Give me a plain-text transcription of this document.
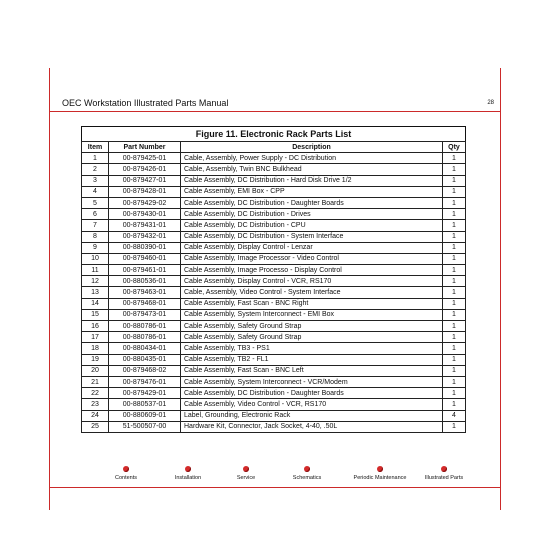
OEC Workstation Illustrated Parts Manual	28
Figure 11. Electronic Rack Parts List			
Item	Part Number	Description	Qty
1	00-879425-01	Cable, Assembly, Power Supply - DC Distribution	1
2	00-879426-01	Cable, Assembly, Twin BNC Bulkhead	1
3	00-879427-01	Cable Assembly, DC Distribution - Hard Disk Drive 1/2	1
4	00-879428-01	Cable Assembly, EMI Box - CPP	1
5	00-879429-02	Cable Assembly, DC Distribution - Daughter Boards	1
6	00-879430-01	Cable Assembly, DC Distribution - Drives	1
7	00-879431-01	Cable Assembly, DC Distribution - CPU	1
8	00-879432-01	Cable Assembly, DC Distribution - System Interface	1
9	00-880390-01	Cable Assembly, Display Control - Lenzar	1
10	00-879460-01	Cable Assembly, Image Processor - Video Control	1
11	00-879461-01	Cable Assembly, Image Processo - Display Control	1
12	00-880536-01	Cable Assembly, Display Control - VCR, RS170	1
13	00-879463-01	Cable, Assembly, Video Control - System Interface	1
14	00-879468-01	Cable Assembly, Fast Scan - BNC Right	1
15	00-879473-01	Cable Assembly, System Interconnect - EMI Box	1
16	00-880786-01	Cable Assembly, Safety Ground Strap	1
17	00-880786-01	Cable Assembly, Safety Ground Strap	1
18	00-880434-01	Cable Assembly, TB3 - PS1	1
19	00-880435-01	Cable Assembly, TB2 - FL1	1
20	00-879468-02	Cable Assembly, Fast Scan - BNC Left	1
21	00-879476-01	Cable Assembly, System Interconnect - VCR/Modem	1
22	00-879429-01	Cable Assembly, DC Distribution - Daughter Boards	1
23	00-880537-01	Cable Assembly, Video Control - VCR, RS170	1
24	00-880609-01	Label, Grounding, Electronic Rack	4
25	51-500507-00	Hardware Kit, Connector, Jack Socket, 4-40, .50L	1
Contents	Installation	Service	Schematics	Periodic Maintenance	Illustrated Parts
